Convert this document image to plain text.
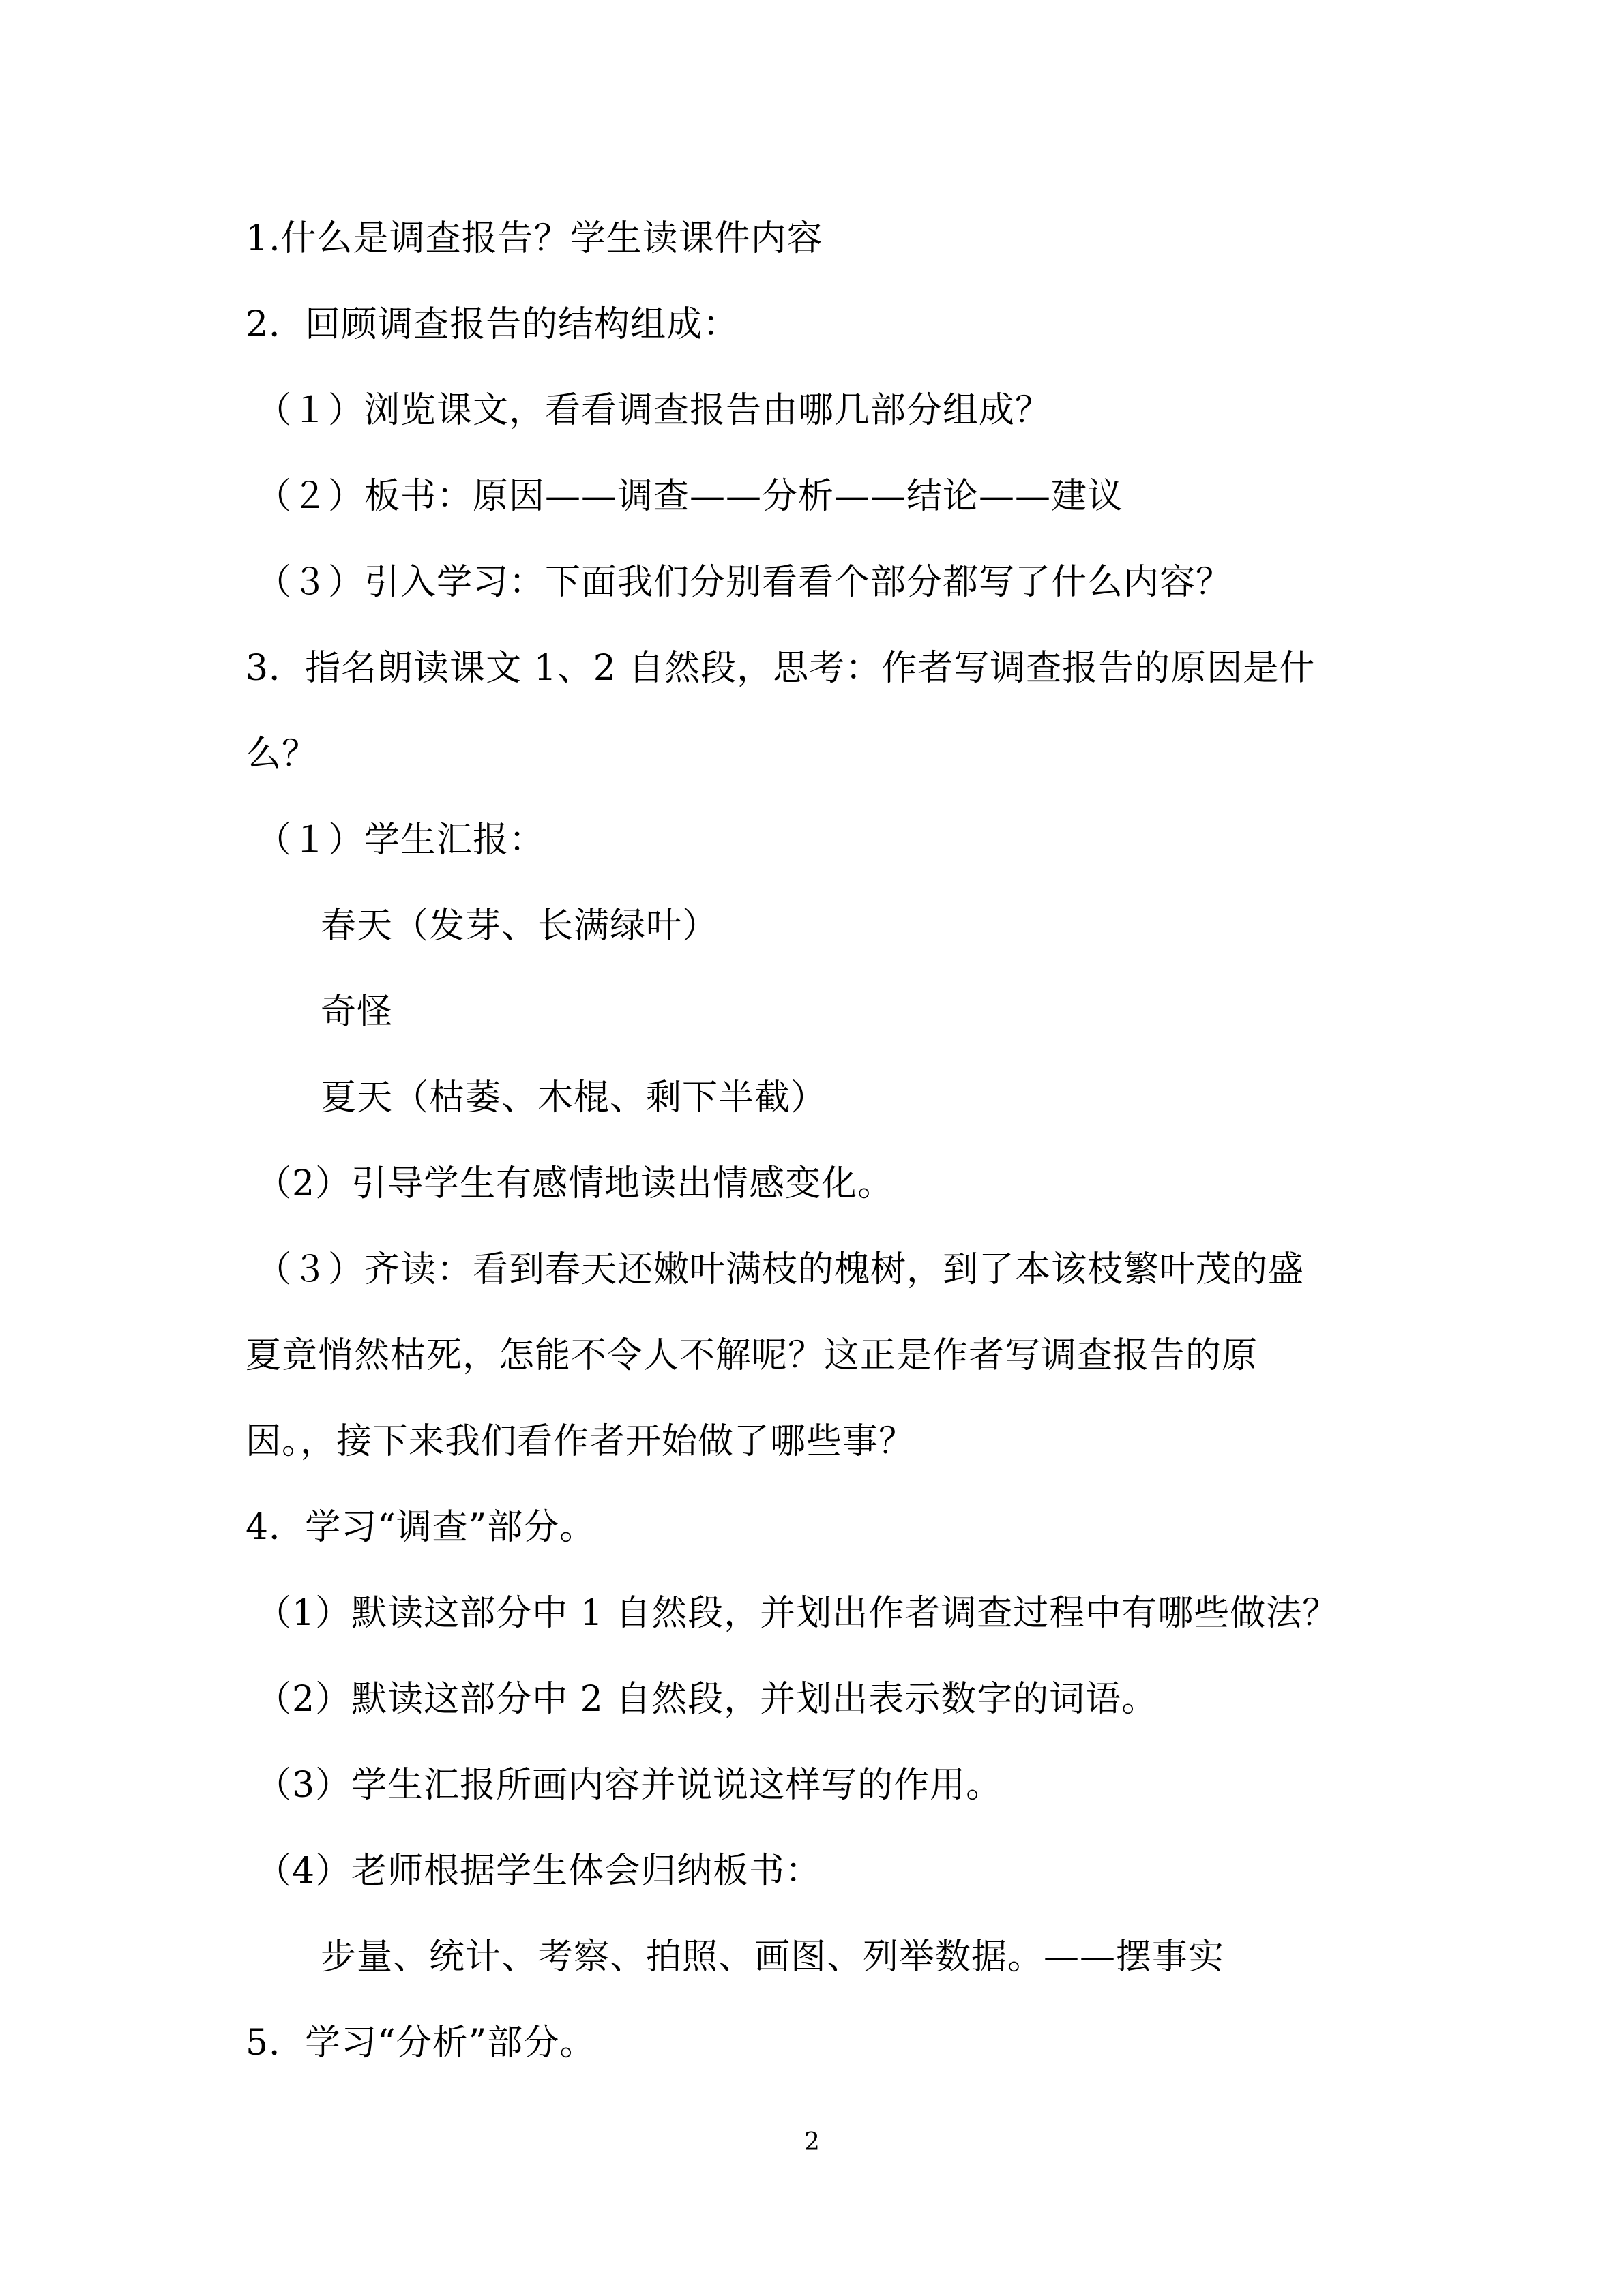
1.什么是调查报告？学生读课件内容
2．回顾调查报告的结构组成：
（１）浏览课文，看看调查报告由哪几部分组成？
（２）板书：原因——调查——分析——结论——建议
（３）引入学习：下面我们分别看看个部分都写了什么内容？
3．指名朗读课文 1、2 自然段，思考：作者写调查报告的原因是什
么？
（１）学生汇报：
春天（发芽、长满绿叶）
奇怪
夏天（枯萎、木棍、剩下半截）
（2）引导学生有感情地读出情感变化。
（３）齐读：看到春天还嫩叶满枝的槐树，到了本该枝繁叶茂的盛
夏竟悄然枯死，怎能不令人不解呢？这正是作者写调查报告的原
因。，接下来我们看作者开始做了哪些事？
4．学习“调查”部分。
（1）默读这部分中 1 自然段，并划出作者调查过程中有哪些做法？
（2）默读这部分中 2 自然段，并划出表示数字的词语。
（3）学生汇报所画内容并说说这样写的作用。
（4）老师根据学生体会归纳板书：
步量、统计、考察、拍照、画图、列举数据。——摆事实
5．学习“分析”部分。
2
